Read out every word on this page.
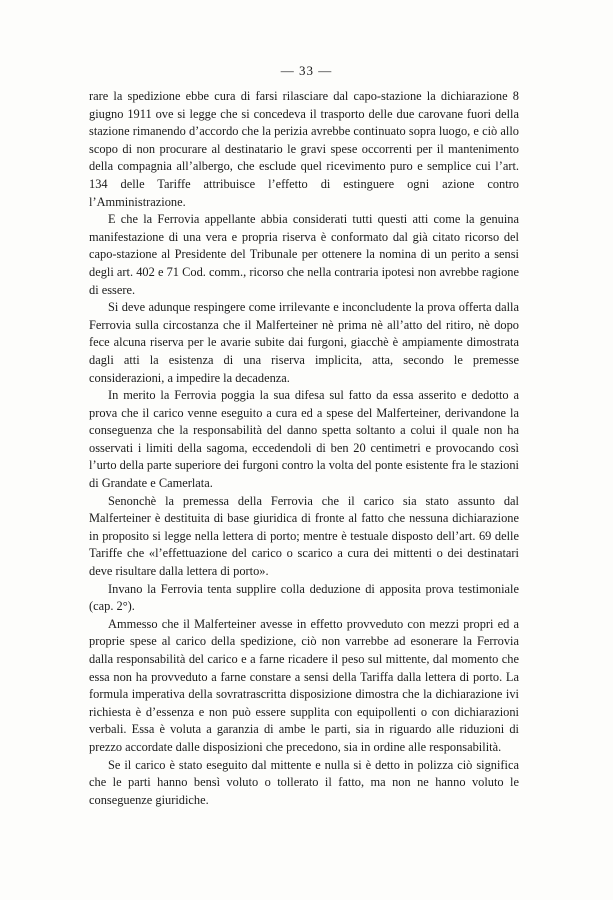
— 33 —

rare la spedizione ebbe cura di farsi rilasciare dal capo-stazione la dichiarazione 8 giugno 1911 ove si legge che si concedeva il trasporto delle due carovane fuori della stazione rimanendo d’accordo che la perizia avrebbe continuato sopra luogo, e ciò allo scopo di non procurare al destinatario le gravi spese occorrenti per il mantenimento della compagnia all’albergo, che esclude quel ricevimento puro e semplice cui l’art. 134 delle Tariffe attribuisce l’effetto di estinguere ogni azione contro l’Amministrazione.

E che la Ferrovia appellante abbia considerati tutti questi atti come la genuina manifestazione di una vera e propria riserva è conformato dal già citato ricorso del capo-stazione al Presidente del Tribunale per ottenere la nomina di un perito a sensi degli art. 402 e 71 Cod. comm., ricorso che nella contraria ipotesi non avrebbe ragione di essere.

Si deve adunque respingere come irrilevante e inconcludente la prova offerta dalla Ferrovia sulla circostanza che il Malferteiner nè prima nè all’atto del ritiro, nè dopo fece alcuna riserva per le avarie subite dai furgoni, giacchè è ampiamente dimostrata dagli atti la esistenza di una riserva implicita, atta, secondo le premesse considerazioni, a impedire la decadenza.

In merito la Ferrovia poggia la sua difesa sul fatto da essa asserito e dedotto a prova che il carico venne eseguito a cura ed a spese del Malferteiner, derivandone la conseguenza che la responsabilità del danno spetta soltanto a colui il quale non ha osservati i limiti della sagoma, eccedendoli di ben 20 centimetri e provocando così l’urto della parte superiore dei furgoni contro la volta del ponte esistente fra le stazioni di Grandate e Camerlata.

Senonchè la premessa della Ferrovia che il carico sia stato assunto dal Malferteiner è destituita di base giuridica di fronte al fatto che nessuna dichiarazione in proposito si legge nella lettera di porto; mentre è testuale disposto dell’art. 69 delle Tariffe che «l’effettuazione del carico o scarico a cura dei mittenti o dei destinatari deve risultare dalla lettera di porto».

Invano la Ferrovia tenta supplire colla deduzione di apposita prova testimoniale (cap. 2°).

Ammesso che il Malferteiner avesse in effetto provveduto con mezzi propri ed a proprie spese al carico della spedizione, ciò non varrebbe ad esonerare la Ferrovia dalla responsabilità del carico e a farne ricadere il peso sul mittente, dal momento che essa non ha provveduto a farne constare a sensi della Tariffa dalla lettera di porto. La formula imperativa della sovratrascritta disposizione dimostra che la dichiarazione ivi richiesta è d’essenza e non può essere supplita con equipollenti o con dichiarazioni verbali. Essa è voluta a garanzia di ambe le parti, sia in riguardo alle riduzioni di prezzo accordate dalle disposizioni che precedono, sia in ordine alle responsabilità.

Se il carico è stato eseguito dal mittente e nulla si è detto in polizza ciò significa che le parti hanno bensì voluto o tollerato il fatto, ma non ne hanno voluto le conseguenze giuridiche.
